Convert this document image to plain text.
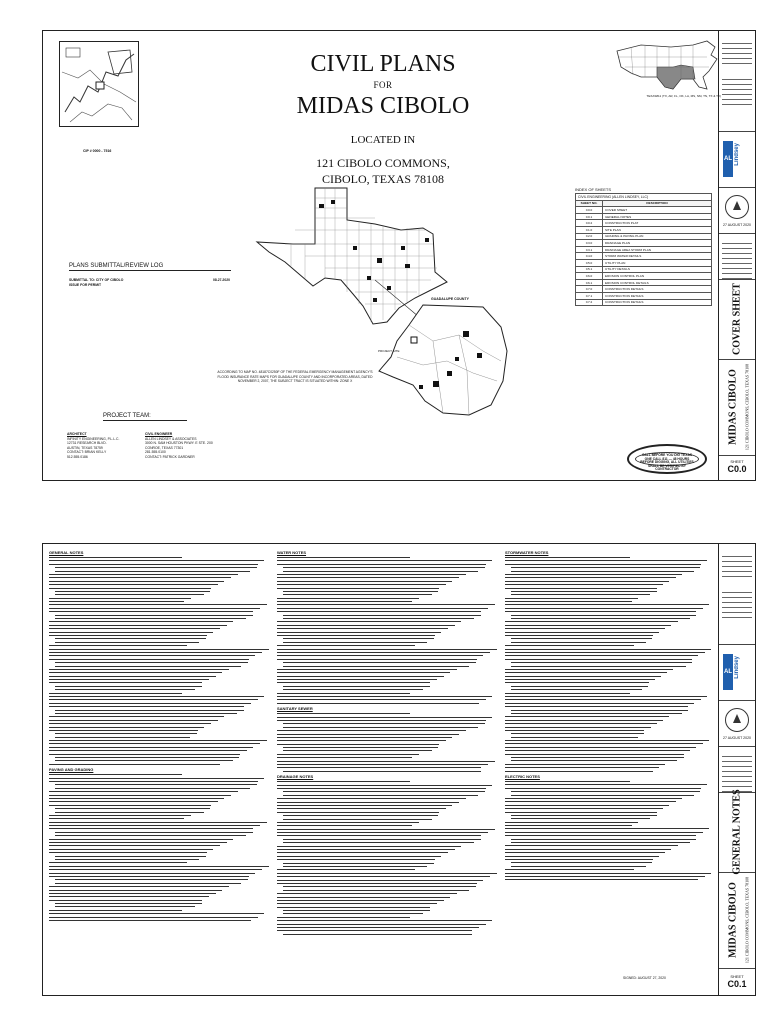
CIP # 0000 - 7516
CIVIL PLANS
FOR
MIDAS CIBOLO
LOCATED IN
121 CIBOLO COMMONS,
CIBOLO, TEXAS 78108
TEXAS811 (TX, AR, FL, OK, LA, MS, NM, TN, TX & TX)
GUADALUPE COUNTY
PROJECT SITE
ACCORDING TO MAP NO. 48187C0250F OF THE FEDERAL EMERGENCY MANAGEMENT AGENCY'S FLOOD INSURANCE RATE MAPS FOR GUADALUPE COUNTY AND INCORPORATED AREAS, DATED NOVEMBER 2, 2007, THE SUBJECT TRACT IS SITUATED WITHIN: ZONE X
PLANS SUBMITTAL/REVIEW LOG
SUBMITTAL TO: CITY OF CIBOLO	08.27.2020
ISSUE FOR PERMIT
PROJECT TEAM:
ARCHITECT
INFINITY ENGINEERING, P.L.L.C.
12731 RESEARCH BLVD.
AUSTIN, TEXAS 78759
CONTACT: BRIAN KELLY
512.555.0186
CIVIL ENGINEER
ALLEN LINDSEY & ASSOCIATES
3000 N. SAM HOUSTON PKWY. E STE. 200
CONROE, TEXAS 77301
281.555.0100
CONTACT: PATRICK GARDNER
INDEX OF SHEETS
CIVIL ENGINEERING (ALLEN LINDSEY, LLC)	
SHEET NO.	DESCRIPTION
C0.0	COVER SHEET
C0.1	GENERAL NOTES
C0.2	CONSTRUCTION PLAT
C1.0	SITE PLAN
C2.0	GRADING & PAVING PLAN
C3.0	DRAINAGE PLAN
C3.1	DRAINAGE AREA STORM PLAN
C4.0	STORM WATER DETAILS
C5.0	UTILITY PLAN
C5.1	UTILITY DETAILS
C6.0	EROSION CONTROL PLAN
C6.1	EROSION CONTROL DETAILS
C7.0	CONSTRUCTION DETAILS
C7.1	CONSTRUCTION DETAILS
C7.2	CONSTRUCTION DETAILS
CALL BEFORE YOU DIG TEXAS ONE CALL 811 — 48 HOURS BEFORE DIGGING, ALL UTILITIES SHALL BE VERIFIED BY CONTRACTOR
AL Lindsey
27 AUGUST 2020
COVER SHEET
MIDAS CIBOLO 121 CIBOLO COMMONS, CIBOLO, TEXAS 78108
SHEET
C0.0
GENERAL NOTES
PAVING AND GRADING
WATER NOTES
SANITARY SEWER
DRAINAGE NOTES
STORMWATER NOTES
ELECTRIC NOTES
SIGNED: AUGUST 27, 2020
AL Lindsey
27 AUGUST 2020
GENERAL NOTES
MIDAS CIBOLO 121 CIBOLO COMMONS, CIBOLO, TEXAS 78108
SHEET
C0.1
